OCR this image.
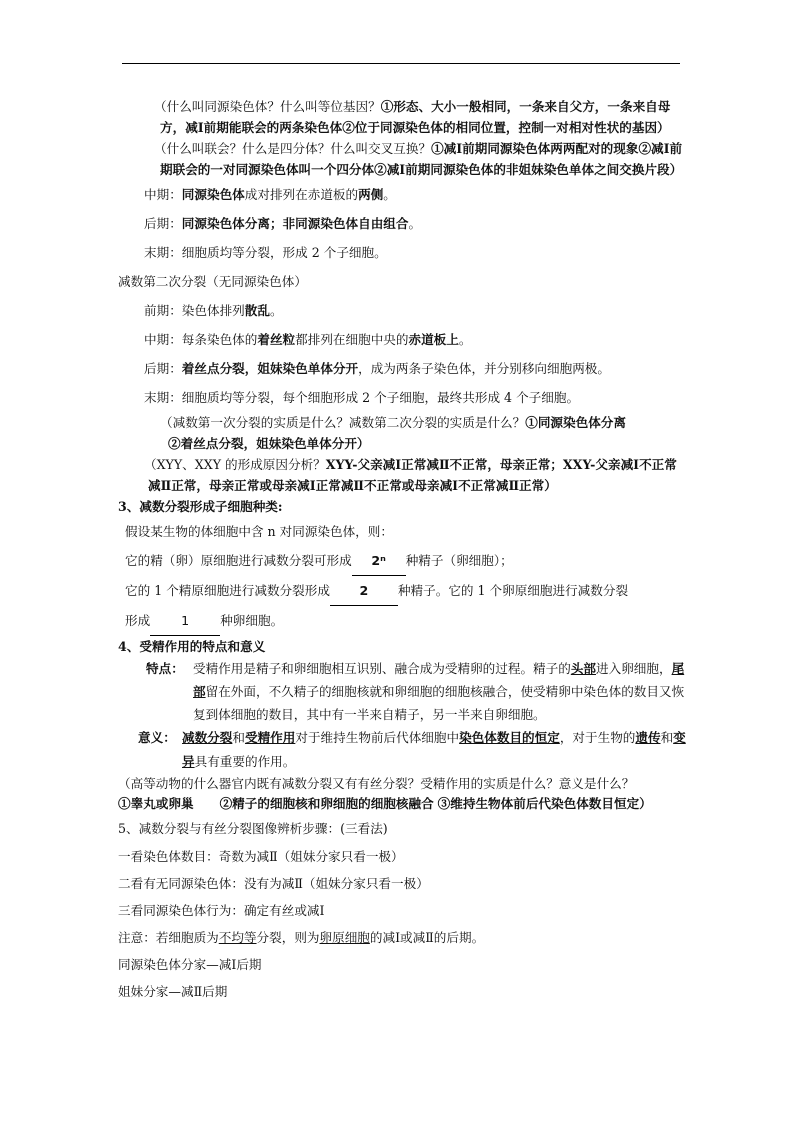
（什么叫同源染色体？什么叫等位基因？①形态、大小一般相同，一条来自父方，一条来自母方，减Ⅰ前期能联会的两条染色体②位于同源染色体的相同位置，控制一对相对性状的基因）
（什么叫联会？什么是四分体？什么叫交叉互换？①减Ⅰ前期同源染色体两两配对的现象②减Ⅰ前期联会的一对同源染色体叫一个四分体②减Ⅰ前期同源染色体的非姐妹染色单体之间交换片段）
中期：同源染色体成对排列在赤道板的两侧。
后期：同源染色体分离；非同源染色体自由组合。
末期：细胞质均等分裂，形成 2 个子细胞。
减数第二次分裂（无同源染色体）
前期：染色体排列散乱。
中期：每条染色体的着丝粒都排列在细胞中央的赤道板上。
后期：着丝点分裂，姐妹染色单体分开，成为两条子染色体，并分别移向细胞两极。
末期：细胞质均等分裂，每个细胞形成 2 个子细胞，最终共形成 4 个子细胞。
（减数第一次分裂的实质是什么？减数第二次分裂的实质是什么？①同源染色体分离
②着丝点分裂，姐妹染色单体分开）
（XYY、XXY 的形成原因分析？XYY-父亲减Ⅰ正常减Ⅱ不正常，母亲正常；XXY-父亲减Ⅰ不正常减Ⅱ正常，母亲正常或母亲减Ⅰ正常减Ⅱ不正常或母亲减Ⅰ不正常减Ⅱ正常）
3、减数分裂形成子细胞种类:
假设某生物的体细胞中含 n 对同源染色体，则：
它的精（卵）原细胞进行减数分裂可形成 2ⁿ 种精子（卵细胞）；
它的 1 个精原细胞进行减数分裂形成 2 种精子。它的 1 个卵原细胞进行减数分裂
形成 1 种卵细胞。
4、受精作用的特点和意义
特点： 受精作用是精子和卵细胞相互识别、融合成为受精卵的过程。精子的头部进入卵细胞，尾部留在外面，不久精子的细胞核就和卵细胞的细胞核融合，使受精卵中染色体的数目又恢复到体细胞的数目，其中有一半来自精子，另一半来自卵细胞。
意义： 减数分裂和受精作用对于维持生物前后代体细胞中染色体数目的恒定，对于生物的遗传和变异具有重要的作用。
（高等动物的什么器官内既有减数分裂又有有丝分裂？受精作用的实质是什么？意义是什么？
①睾丸或卵巢 ②精子的细胞核和卵细胞的细胞核融合 ③维持生物体前后代染色体数目恒定）
5、减数分裂与有丝分裂图像辨析步骤：(三看法)
一看染色体数目：奇数为减Ⅱ（姐妹分家只看一极）
二看有无同源染色体：没有为减Ⅱ（姐妹分家只看一极）
三看同源染色体行为：确定有丝或减Ⅰ
注意：若细胞质为不均等分裂，则为卵原细胞的减Ⅰ或减Ⅱ的后期。
同源染色体分家—减Ⅰ后期
姐妹分家—减Ⅱ后期
